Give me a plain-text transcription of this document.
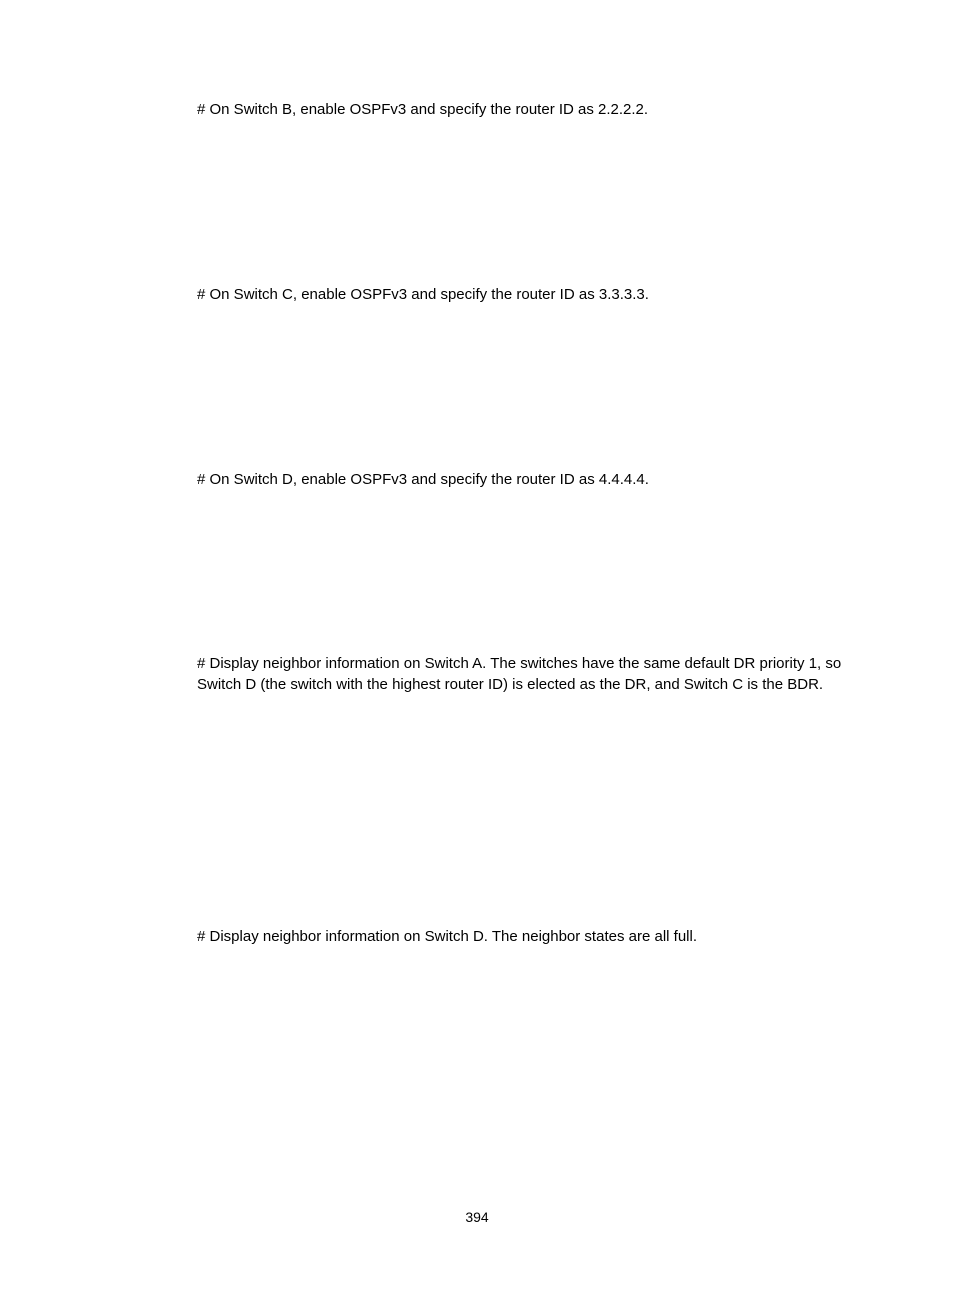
# On Switch B, enable OSPFv3 and specify the router ID as 2.2.2.2.

# On Switch C, enable OSPFv3 and specify the router ID as 3.3.3.3.

# On Switch D, enable OSPFv3 and specify the router ID as 4.4.4.4.

# Display neighbor information on Switch A. The switches have the same default DR priority 1, so Switch D (the switch with the highest router ID) is elected as the DR, and Switch C is the BDR.

# Display neighbor information on Switch D. The neighbor states are all full.

394
